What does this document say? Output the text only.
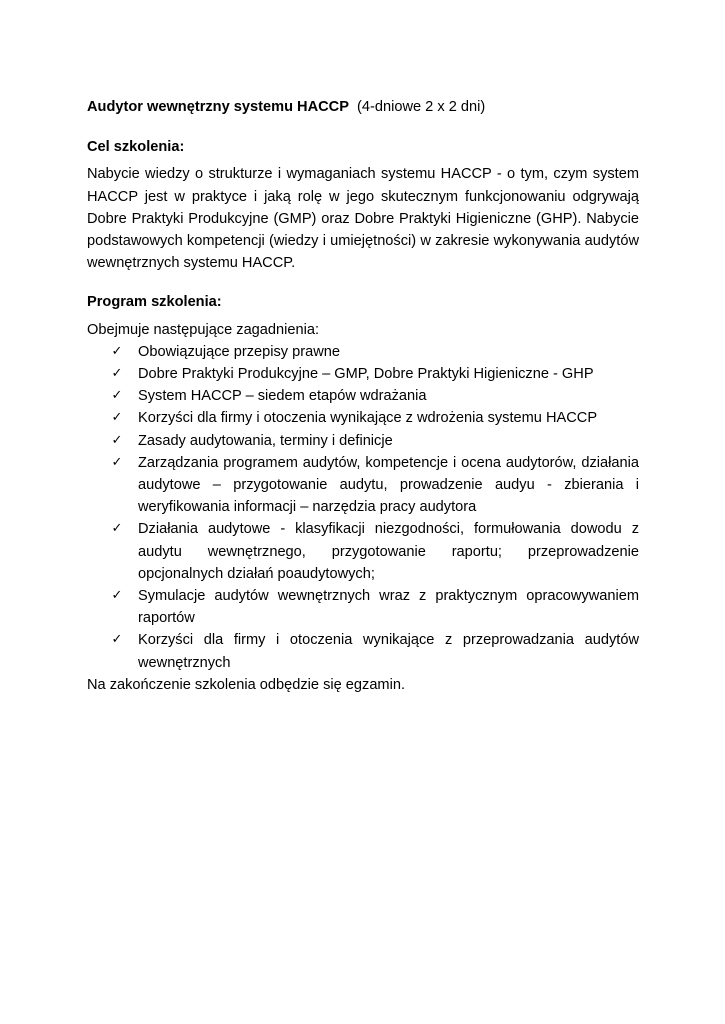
Audytor wewnętrzny systemu HACCP (4-dniowe 2 x 2 dni)

Cel szkolenia:

Nabycie wiedzy o strukturze i wymaganiach systemu HACCP - o tym, czym system HACCP jest w praktyce i jaką rolę w jego skutecznym funkcjonowaniu odgrywają Dobre Praktyki Produkcyjne (GMP) oraz Dobre Praktyki Higieniczne (GHP). Nabycie podstawowych kompetencji (wiedzy i umiejętności) w zakresie wykonywania audytów wewnętrznych systemu HACCP.

Program szkolenia:

Obejmuje następujące zagadnienia:

✓ Obowiązujące przepisy prawne
✓ Dobre Praktyki Produkcyjne – GMP, Dobre Praktyki Higieniczne - GHP
✓ System HACCP – siedem etapów wdrażania
✓ Korzyści dla firmy i otoczenia wynikające z wdrożenia systemu HACCP
✓ Zasady audytowania, terminy i definicje
✓ Zarządzania programem audytów, kompetencje i ocena audytorów, działania audytowe – przygotowanie audytu, prowadzenie audyu - zbierania i weryfikowania informacji – narzędzia pracy audytora
✓ Działania audytowe - klasyfikacji niezgodności, formułowania dowodu z audytu wewnętrznego, przygotowanie raportu; przeprowadzenie opcjonalnych działań poaudytowych;
✓ Symulacje audytów wewnętrznych wraz z praktycznym opracowywaniem raportów
✓ Korzyści dla firmy i otoczenia wynikające z przeprowadzania audytów wewnętrznych

Na zakończenie szkolenia odbędzie się egzamin.
